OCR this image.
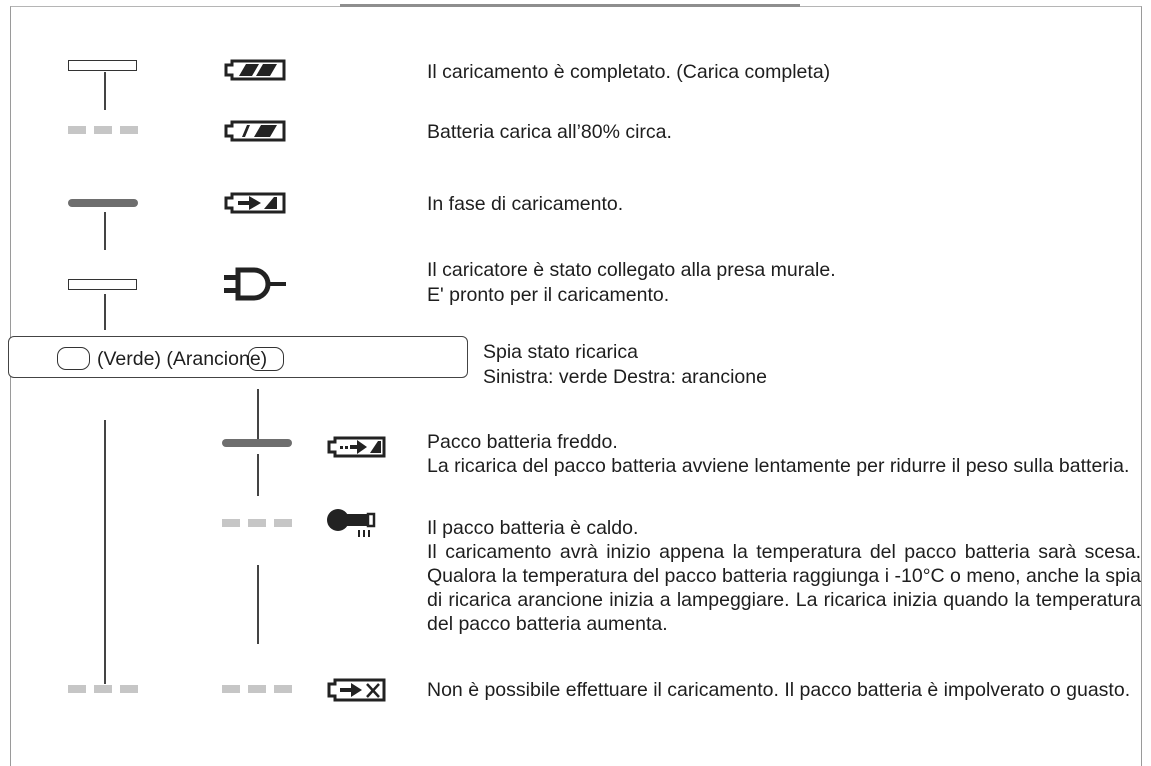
Il caricamento è completato. (Carica completa)
Batteria carica all’80% circa.
In fase di caricamento.
Il caricatore è stato collegato alla presa murale.
E' pronto per il caricamento.
(Verde) (Arancione)	Spia stato ricarica
Sinistra: verde Destra: arancione
Pacco batteria freddo.
La ricarica del pacco batteria avviene lentamente per ridurre il peso sulla batteria.
Il pacco batteria è caldo.
Il caricamento avrà inizio appena la temperatura del pacco batteria sarà scesa. Qualora la temperatura del pacco batteria raggiunga i -10°C o meno, anche la spia di ricarica arancione inizia a lampeggiare. La ricarica inizia quando la temperatura del pacco batteria aumenta.
Non è possibile effettuare il caricamento. Il pacco batteria è impolverato o guasto.
